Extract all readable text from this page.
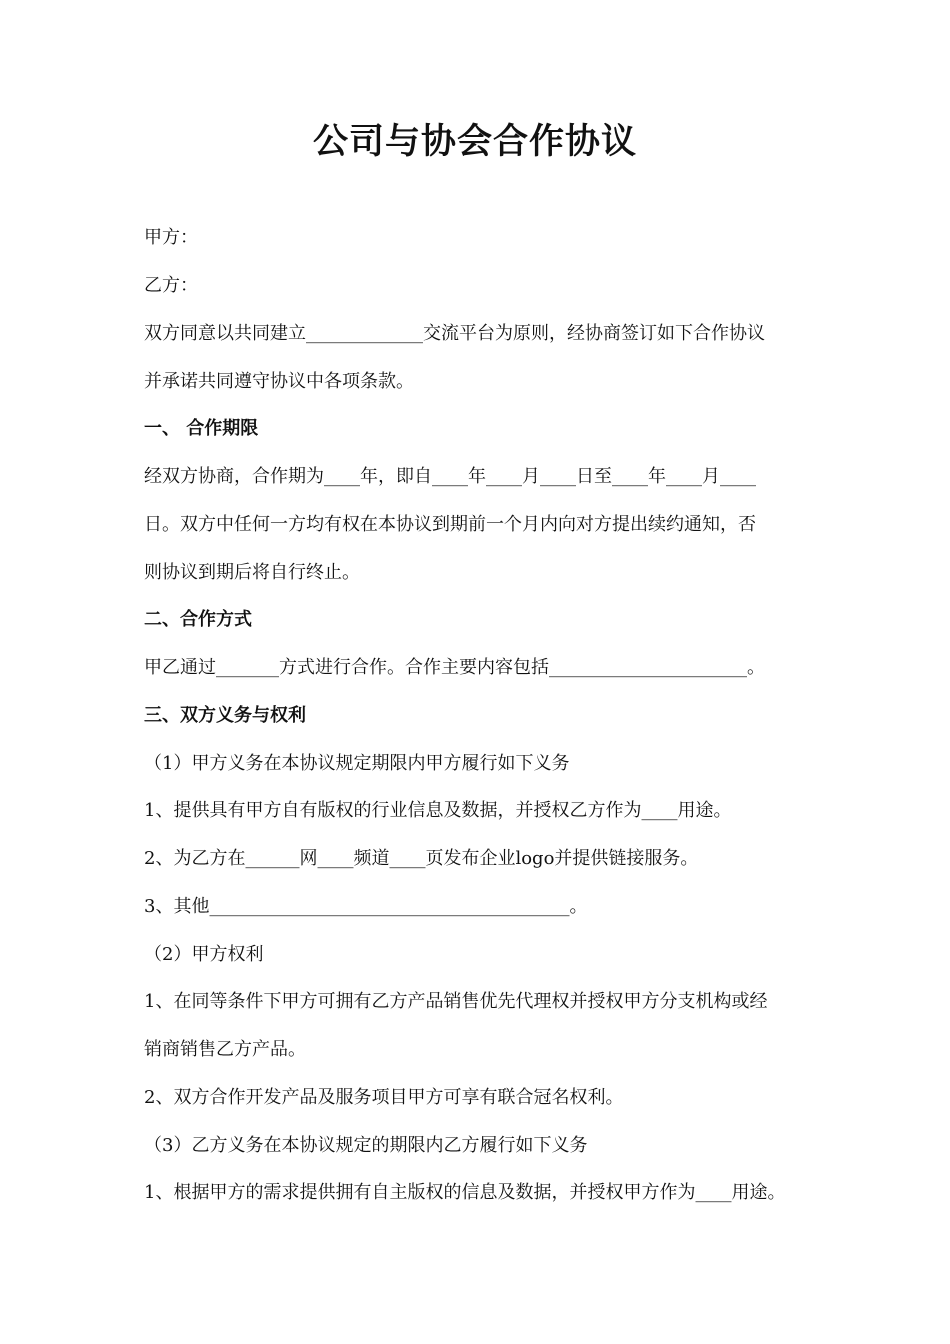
公司与协会合作协议
甲方：
乙方：
双方同意以共同建立_____________交流平台为原则，经协商签订如下合作协议
并承诺共同遵守协议中各项条款。
一、 合作期限
经双方协商，合作期为____年，即自____年____月____日至____年____月____
日。双方中任何一方均有权在本协议到期前一个月内向对方提出续约通知，否
则协议到期后将自行终止。
二、合作方式
甲乙通过_______方式进行合作。合作主要内容包括______________________。
三、双方义务与权利
（1）甲方义务在本协议规定期限内甲方履行如下义务
1、提供具有甲方自有版权的行业信息及数据，并授权乙方作为____用途。
2、为乙方在______网____频道____页发布企业logo并提供链接服务。
3、其他________________________________________。
（2）甲方权利
1、在同等条件下甲方可拥有乙方产品销售优先代理权并授权甲方分支机构或经
销商销售乙方产品。
2、双方合作开发产品及服务项目甲方可享有联合冠名权利。
（3）乙方义务在本协议规定的期限内乙方履行如下义务
1、根据甲方的需求提供拥有自主版权的信息及数据，并授权甲方作为____用途。
